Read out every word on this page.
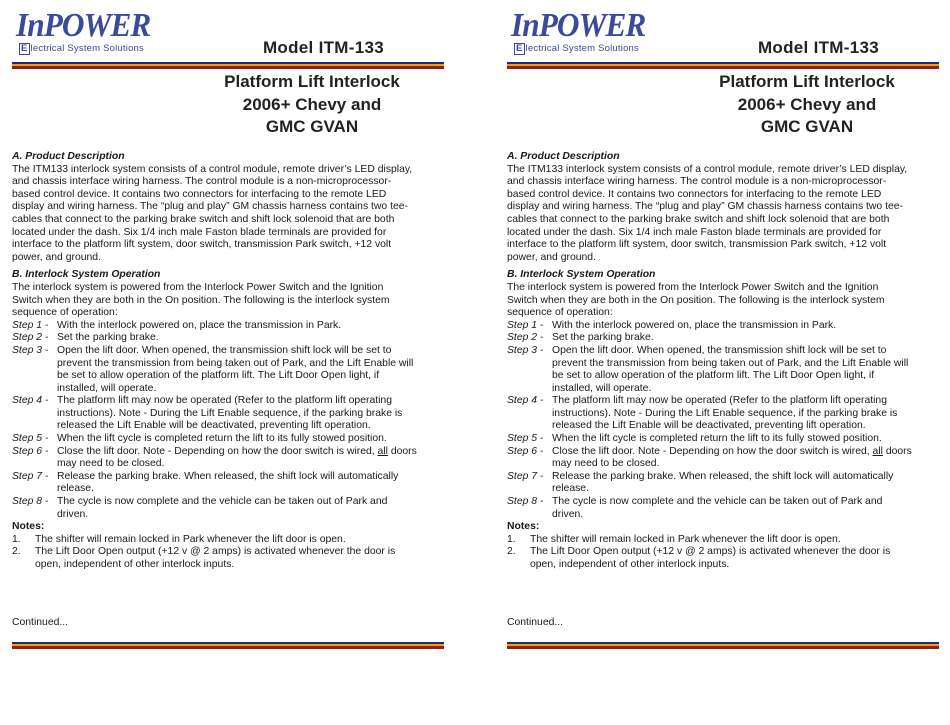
InPOWER
E lectrical System Solutions	Model ITM-133
Platform Lift Interlock
2006+ Chevy and
GMC GVAN
A. Product Description
The ITM133 interlock system consists of a control module, remote driver’s LED display,
and chassis interface wiring harness. The control module is a non-microprocessor-
based control device. It contains two connectors for interfacing to the remote LED
display and wiring harness. The “plug and play” GM chassis harness contains two tee-
cables that connect to the parking brake switch and shift lock solenoid that are both
located under the dash. Six 1/4 inch male Faston blade terminals are provided for
interface to the platform lift system, door switch, transmission Park switch, +12 volt
power, and ground.
B. Interlock System Operation
The interlock system is powered from the Interlock Power Switch and the Ignition
Switch when they are both in the On position. The following is the interlock system
sequence of operation:
Step 1 - With the interlock powered on, place the transmission in Park.
Step 2 - Set the parking brake.
Step 3 - Open the lift door. When opened, the transmission shift lock will be set to
prevent the transmission from being taken out of Park, and the Lift Enable will
be set to allow operation of the platform lift. The Lift Door Open light, if
installed, will operate.
Step 4 - The platform lift may now be operated (Refer to the platform lift operating
instructions). Note - During the Lift Enable sequence, if the parking brake is
released the Lift Enable will be deactivated, preventing lift operation.
Step 5 - When the lift cycle is completed return the lift to its fully stowed position.
Step 6 - Close the lift door. Note - Depending on how the door switch is wired, all doors
may need to be closed.
Step 7 - Release the parking brake. When released, the shift lock will automatically
release.
Step 8 - The cycle is now complete and the vehicle can be taken out of Park and
driven.
Notes:
1.	The shifter will remain locked in Park whenever the lift door is open.
2.	The Lift Door Open output (+12 v @ 2 amps) is activated whenever the door is
open, independent of other interlock inputs.
Continued...
InPOWER
E lectrical System Solutions	Model ITM-133
Platform Lift Interlock
2006+ Chevy and
GMC GVAN
A. Product Description
The ITM133 interlock system consists of a control module, remote driver’s LED display,
and chassis interface wiring harness. The control module is a non-microprocessor-
based control device. It contains two connectors for interfacing to the remote LED
display and wiring harness. The “plug and play” GM chassis harness contains two tee-
cables that connect to the parking brake switch and shift lock solenoid that are both
located under the dash. Six 1/4 inch male Faston blade terminals are provided for
interface to the platform lift system, door switch, transmission Park switch, +12 volt
power, and ground.
B. Interlock System Operation
The interlock system is powered from the Interlock Power Switch and the Ignition
Switch when they are both in the On position. The following is the interlock system
sequence of operation:
Step 1 - With the interlock powered on, place the transmission in Park.
Step 2 - Set the parking brake.
Step 3 - Open the lift door. When opened, the transmission shift lock will be set to
prevent the transmission from being taken out of Park, and the Lift Enable will
be set to allow operation of the platform lift. The Lift Door Open light, if
installed, will operate.
Step 4 - The platform lift may now be operated (Refer to the platform lift operating
instructions). Note - During the Lift Enable sequence, if the parking brake is
released the Lift Enable will be deactivated, preventing lift operation.
Step 5 - When the lift cycle is completed return the lift to its fully stowed position.
Step 6 - Close the lift door. Note - Depending on how the door switch is wired, all doors
may need to be closed.
Step 7 - Release the parking brake. When released, the shift lock will automatically
release.
Step 8 - The cycle is now complete and the vehicle can be taken out of Park and
driven.
Notes:
1.	The shifter will remain locked in Park whenever the lift door is open.
2.	The Lift Door Open output (+12 v @ 2 amps) is activated whenever the door is
open, independent of other interlock inputs.
Continued...
